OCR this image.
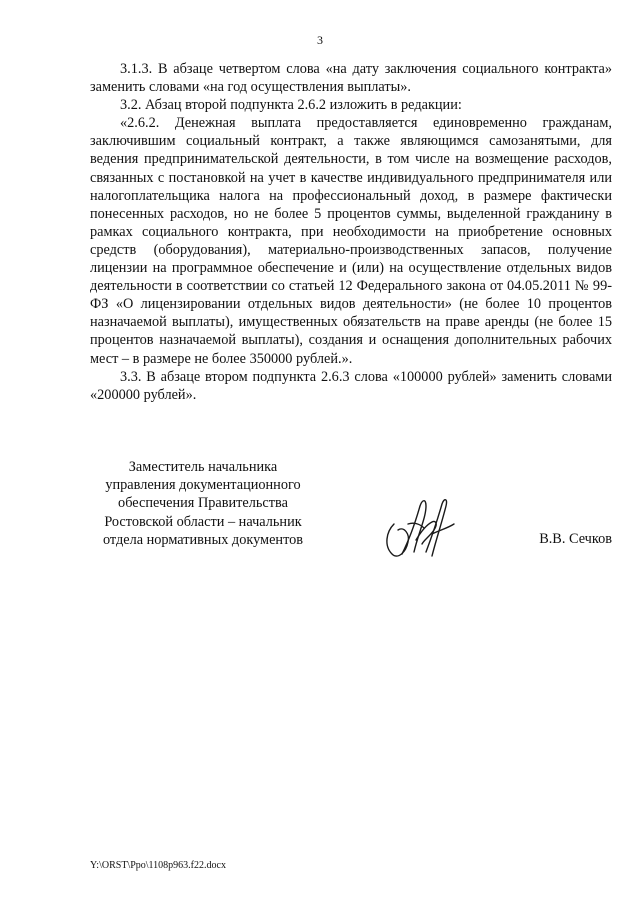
3

3.1.3. В абзаце четвертом слова «на дату заключения социального контракта» заменить словами «на год осуществления выплаты».

3.2. Абзац второй подпункта 2.6.2 изложить в редакции:

«2.6.2. Денежная выплата предоставляется единовременно гражданам, заключившим социальный контракт, а также являющимся самозанятыми, для ведения предпринимательской деятельности, в том числе на возмещение расходов, связанных с постановкой на учет в качестве индивидуального предпринимателя или налогоплательщика налога на профессиональный доход, в размере фактически понесенных расходов, но не более 5 процентов суммы, выделенной гражданину в рамках социального контракта, при необходимости на приобретение основных средств (оборудования), материально-производственных запасов, получение лицензии на программное обеспечение и (или) на осуществление отдельных видов деятельности в соответствии со статьей 12 Федерального закона от 04.05.2011 № 99-ФЗ «О лицензировании отдельных видов деятельности» (не более 10 процентов назначаемой выплаты), имущественных обязательств на праве аренды (не более 15 процентов назначаемой выплаты), создания и оснащения дополнительных рабочих мест – в размере не более 350000 рублей.».

3.3. В абзаце втором подпункта 2.6.3 слова «100000 рублей» заменить словами «200000 рублей».

Заместитель начальника
управления документационного
обеспечения Правительства
Ростовской области – начальник
отдела нормативных документов	В.В. Сечков
Y:\ORST\Ppo\1108p963.f22.docx
